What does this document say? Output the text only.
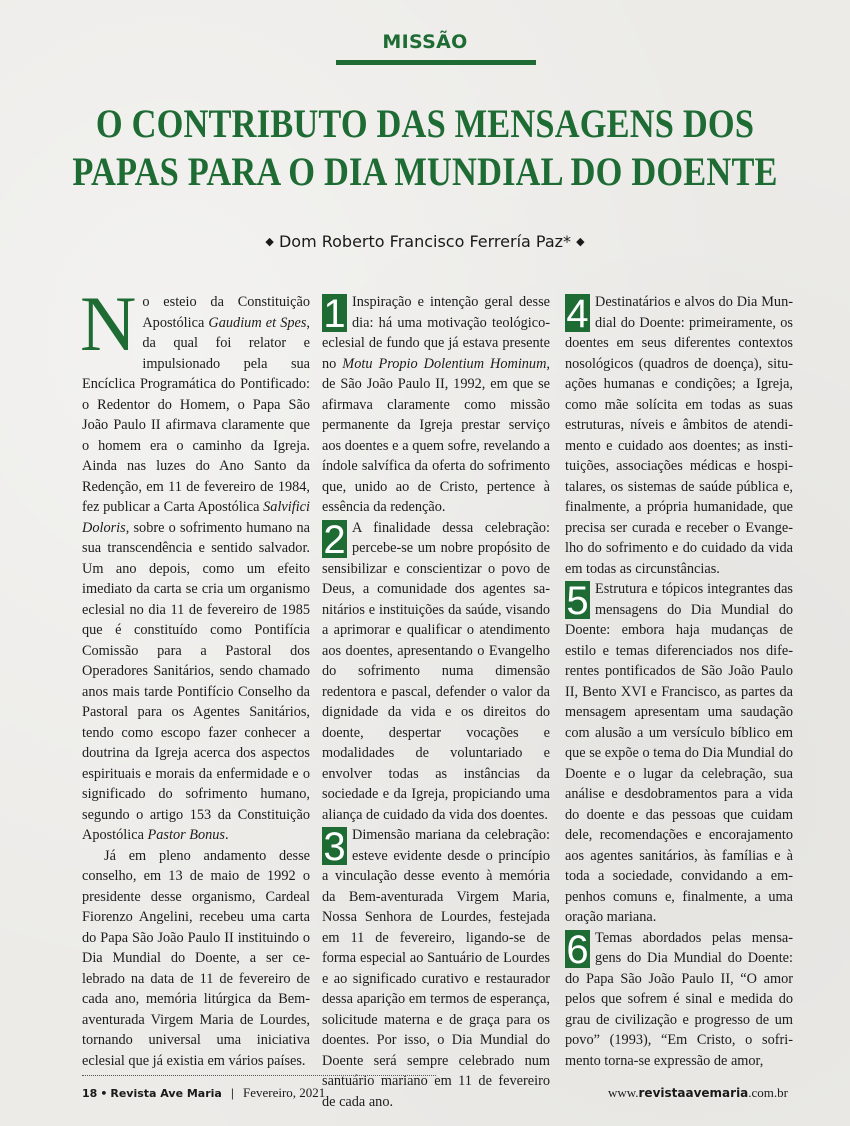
MISSÃO
O CONTRIBUTO DAS MENSAGENS DOS
PAPAS PARA O DIA MUNDIAL DO DOENTE
◆ Dom Roberto Francisco Ferrería Paz* ◆

No esteio da Constituição Apostólica Gaudium et Spes, da qual foi relator e impulsionado pela sua Encíclica Programática do Pontificado: o Redentor do Homem, o Papa São João Paulo II afirmava claramente que o homem era o caminho da Igreja. Ainda nas luzes do Ano Santo da Redenção, em 11 de fevereiro de 1984, fez publicar a Carta Apostólica Salvifici Doloris, sobre o sofrimento humano na sua transcendência e sentido salvador. Um ano depois, como um efeito imediato da carta se cria um organismo eclesial no dia 11 de fevereiro de 1985 que é constituído como Pontifícia Comissão para a Pastoral dos Operadores Sanitários, sendo chamado anos mais tarde Pontifício Conselho da Pastoral para os Agentes Sanitários, tendo como escopo fazer conhecer a doutrina da Igreja acerca dos aspectos espirituais e morais da enfermidade e o significado do sofrimento humano, segundo o artigo 153 da Constituição Apostólica Pastor Bonus.

Já em pleno andamento desse conselho, em 13 de maio de 1992 o presidente desse organismo, Cardeal Fiorenzo Angelini, recebeu uma carta do Papa São João Paulo II instituindo o Dia Mundial do Doente, a ser celebrado na data de 11 de fevereiro de cada ano, memória litúrgica da Bem-aventurada Virgem Maria de Lourdes, tornando universal uma iniciativa eclesial que já existia em vários países.

1 Inspiração e intenção geral desse dia: há uma motivação teológico-eclesial de fundo que já estava presente no Motu Propio Dolentium Hominum, de São João Paulo II, 1992, em que se afirmava claramente como missão permanente da Igreja prestar serviço aos doentes e a quem sofre, revelando a índole salvífica da oferta do sofrimento que, unido ao de Cristo, pertence à essência da redenção.

2 A finalidade dessa celebração: percebe-se um nobre propósito de sensibilizar e conscientizar o povo de Deus, a comunidade dos agentes sanitários e instituições da saúde, visando a aprimorar e qualificar o atendimento aos doentes, apresentando o Evangelho do sofrimento numa dimensão redentora e pascal, defender o valor da dignidade da vida e os direitos do doente, despertar vocações e modalidades de voluntariado e envolver todas as instâncias da sociedade e da Igreja, propiciando uma aliança de cuidado da vida dos doentes.

3 Dimensão mariana da celebração: esteve evidente desde o princípio a vinculação desse evento à memória da Bem-aventurada Virgem Maria, Nossa Senhora de Lourdes, festejada em 11 de fevereiro, ligando-se de forma especial ao Santuário de Lourdes e ao significado curativo e restaurador dessa aparição em termos de esperança, solicitude materna e de graça para os doentes. Por isso, o Dia Mundial do Doente será sempre celebrado num santuário mariano em 11 de fevereiro de cada ano.

4 Destinatários e alvos do Dia Mundial do Doente: primeiramente, os doentes em seus diferentes contextos nosológicos (quadros de doença), situações humanas e condições; a Igreja, como mãe solícita em todas as suas estruturas, níveis e âmbitos de atendimento e cuidado aos doentes; as instituições, associações médicas e hospitalares, os sistemas de saúde pública e, finalmente, a própria humanidade, que precisa ser curada e receber o Evangelho do sofrimento e do cuidado da vida em todas as circunstâncias.

5 Estrutura e tópicos integrantes das mensagens do Dia Mundial do Doente: embora haja mudanças de estilo e temas diferenciados nos diferentes pontificados de São João Paulo II, Bento XVI e Francisco, as partes da mensagem apresentam uma saudação com alusão a um versículo bíblico em que se expõe o tema do Dia Mundial do Doente e o lugar da celebração, sua análise e desdobramentos para a vida do doente e das pessoas que cuidam dele, recomendações e encorajamento aos agentes sanitários, às famílias e à toda a sociedade, convidando a empenhos comuns e, finalmente, a uma oração mariana.

6 Temas abordados pelas mensagens do Dia Mundial do Doente: do Papa São João Paulo II, “O amor pelos que sofrem é sinal e medida do grau de civilização e progresso de um povo” (1993), “Em Cristo, o sofrimento torna-se expressão de amor,

18 • Revista Ave Maria | Fevereiro, 2021	www.revistaavemaria.com.br
